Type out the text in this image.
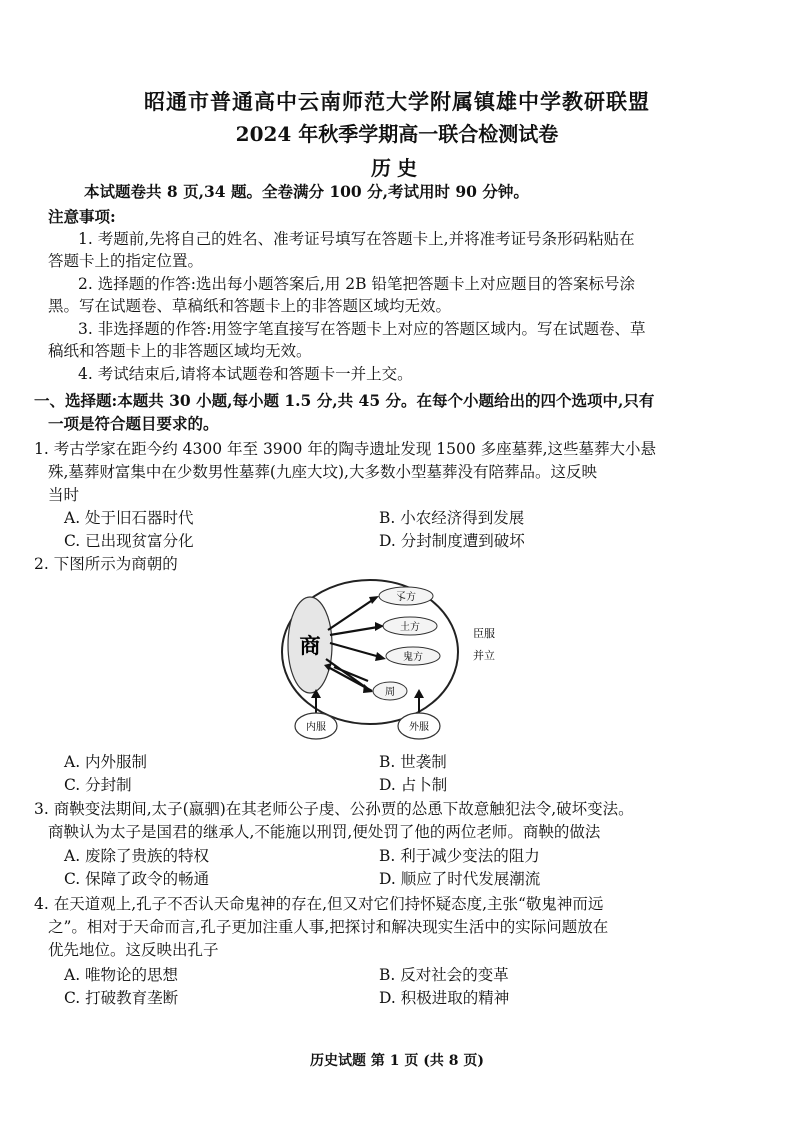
昭通市普通高中云南师范大学附属镇雄中学教研联盟
2024 年秋季学期高一联合检测试卷
历史
本试题卷共 8 页,34 题。全卷满分 100 分,考试用时 90 分钟。
注意事项:
1. 考题前,先将自己的姓名、准考证号填写在答题卡上,并将准考证号条形码粘贴在
答题卡上的指定位置。
2. 选择题的作答:选出每小题答案后,用 2B 铅笔把答题卡上对应题目的答案标号涂
黑。写在试题卷、草稿纸和答题卡上的非答题区域均无效。
3. 非选择题的作答:用签字笔直接写在答题卡上对应的答题区域内。写在试题卷、草
稿纸和答题卡上的非答题区域均无效。
4. 考试结束后,请将本试题卷和答题卡一并上交。
一、选择题:本题共 30 小题,每小题 1.5 分,共 45 分。在每个小题给出的四个选项中,只有
一项是符合题目要求的。
1. 考古学家在距今约 4300 年至 3900 年的陶寺遗址发现 1500 多座墓葬,这些墓葬大小悬
殊,墓葬财富集中在少数男性墓葬(九座大坟),大多数小型墓葬没有陪葬品。这反映
当时
A. 处于旧石器时代	B. 小农经济得到发展
C. 已出现贫富分化	D. 分封制度遭到破坏
2. 下图所示为商朝的
商
孓方
土方
鬼方
周
内服	外服
臣服
并立
A. 内外服制	B. 世袭制
C. 分封制	D. 占卜制
3. 商鞅变法期间,太子(嬴驷)在其老师公子虔、公孙贾的怂恿下故意触犯法令,破坏变法。
商鞅认为太子是国君的继承人,不能施以刑罚,便处罚了他的两位老师。商鞅的做法
A. 废除了贵族的特权	B. 利于减少变法的阻力
C. 保障了政令的畅通	D. 顺应了时代发展潮流
4. 在天道观上,孔子不否认天命鬼神的存在,但又对它们持怀疑态度,主张“敬鬼神而远
之”。相对于天命而言,孔子更加注重人事,把探讨和解决现实生活中的实际问题放在
优先地位。这反映出孔子
A. 唯物论的思想	B. 反对社会的变革
C. 打破教育垄断	D. 积极进取的精神
历史试题 第 1 页 (共 8 页)
